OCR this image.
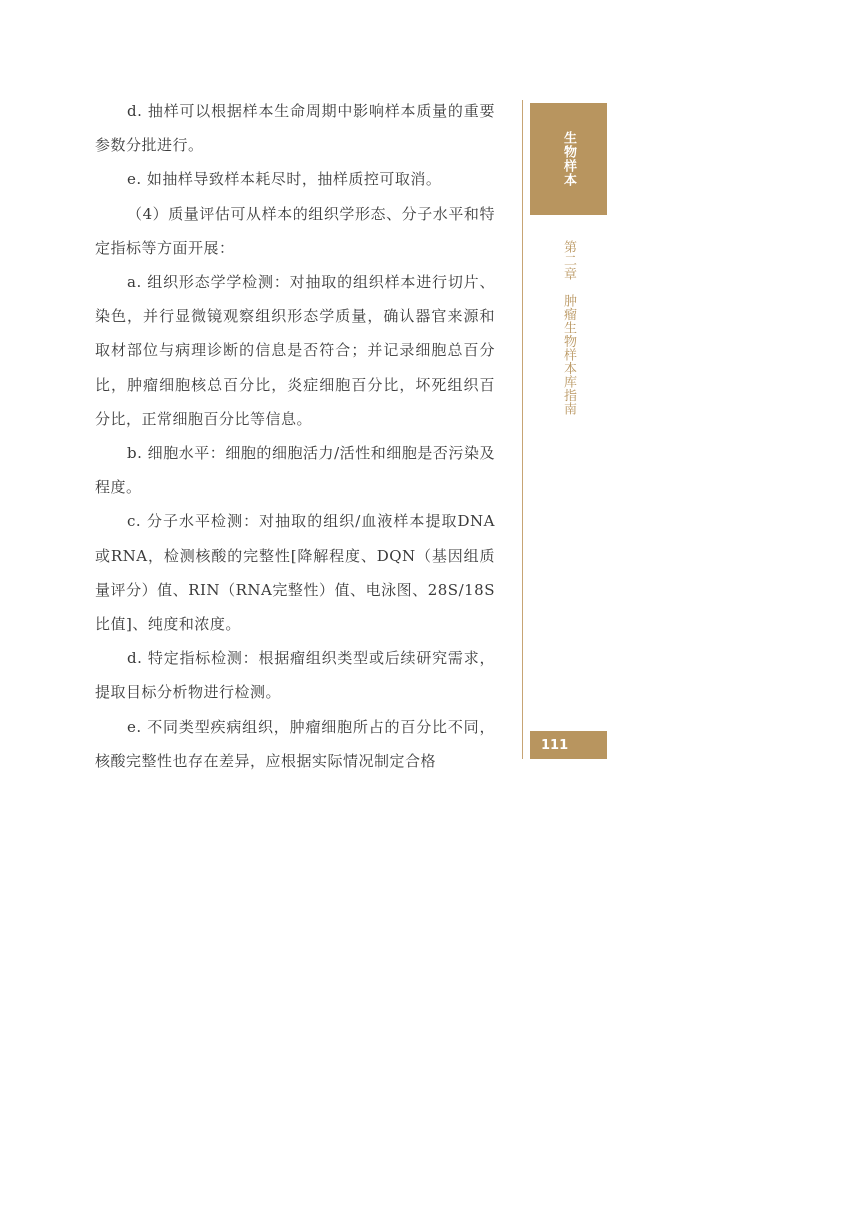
d. 抽样可以根据样本生命周期中影响样本质量的重要参数分批进行。

e. 如抽样导致样本耗尽时，抽样质控可取消。

（4）质量评估可从样本的组织学形态、分子水平和特定指标等方面开展：

a. 组织形态学学检测：对抽取的组织样本进行切片、染色，并行显微镜观察组织形态学质量，确认器官来源和取材部位与病理诊断的信息是否符合；并记录细胞总百分比，肿瘤细胞核总百分比，炎症细胞百分比，坏死组织百分比，正常细胞百分比等信息。

b. 细胞水平：细胞的细胞活力/活性和细胞是否污染及程度。

c. 分子水平检测：对抽取的组织/血液样本提取DNA或RNA，检测核酸的完整性[降解程度、DQN（基因组质量评分）值、RIN（RNA完整性）值、电泳图、28S/18S 比值]、纯度和浓度。

d. 特定指标检测：根据瘤组织类型或后续研究需求，提取目标分析物进行检测。

e. 不同类型疾病组织，肿瘤细胞所占的百分比不同，核酸完整性也存在差异，应根据实际情况制定合格

生物样本
第二章　肿瘤生物样本库指南
111
